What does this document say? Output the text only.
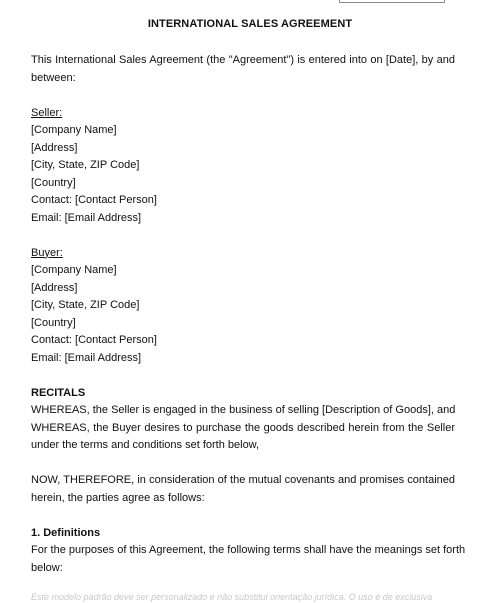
INTERNATIONAL SALES AGREEMENT
This International Sales Agreement (the "Agreement") is entered into on [Date], by and
between:
Seller:
[Company Name]
[Address]
[City, State, ZIP Code]
[Country]
Contact: [Contact Person]
Email: [Email Address]
Buyer:
[Company Name]
[Address]
[City, State, ZIP Code]
[Country]
Contact: [Contact Person]
Email: [Email Address]
RECITALS
WHEREAS, the Seller is engaged in the business of selling [Description of Goods], and
WHEREAS, the Buyer desires to purchase the goods described herein from the Seller
under the terms and conditions set forth below,
NOW, THEREFORE, in consideration of the mutual covenants and promises contained
herein, the parties agree as follows:
1. Definitions
For the purposes of this Agreement, the following terms shall have the meanings set forth
below:
Este modelo padrão deve ser personalizado e não substitui orientação jurídica. O uso é de exclusiva
